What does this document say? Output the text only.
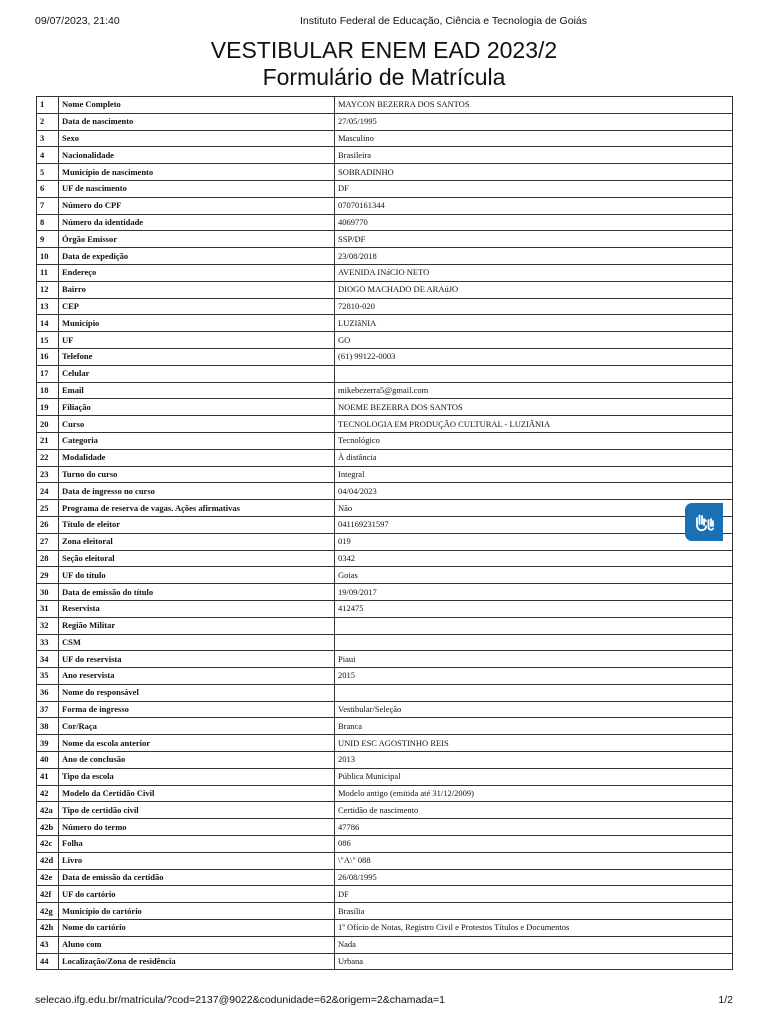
09/07/2023, 21:40	Instituto Federal de Educação, Ciência e Tecnologia de Goiás
VESTIBULAR ENEM EAD 2023/2
Formulário de Matrícula
1	Nome Completo	MAYCON BEZERRA DOS SANTOS
2	Data de nascimento	27/05/1995
3	Sexo	Masculino
4	Nacionalidade	Brasileira
5	Município de nascimento	SOBRADINHO
6	UF de nascimento	DF
7	Número do CPF	07070161344
8	Número da identidade	4069770
9	Órgão Emissor	SSP/DF
10	Data de expedição	23/08/2018
11	Endereço	AVENIDA INáCIO NETO
12	Bairro	DIOGO MACHADO DE ARAúJO
13	CEP	72810-020
14	Município	LUZIâNIA
15	UF	GO
16	Telefone	(61) 99122-0003
17	Celular	
18	Email	mikebezerra5@gmail.com
19	Filiação	NOEME BEZERRA DOS SANTOS
20	Curso	TECNOLOGIA EM PRODUÇÃO CULTURAL - LUZIÂNIA
21	Categoria	Tecnológico
22	Modalidade	À distância
23	Turno do curso	Integral
24	Data de ingresso no curso	04/04/2023
25	Programa de reserva de vagas. Ações afirmativas	Não
26	Título de eleitor	041169231597
27	Zona eleitoral	019
28	Seção eleitoral	0342
29	UF do título	Goias
30	Data de emissão do título	19/09/2017
31	Reservista	412475
32	Região Militar	
33	CSM	
34	UF do reservista	Piaui
35	Ano reservista	2015
36	Nome do responsável	
37	Forma de ingresso	Vestibular/Seleção
38	Cor/Raça	Branca
39	Nome da escola anterior	UNID ESC AGOSTINHO REIS
40	Ano de conclusão	2013
41	Tipo da escola	Pública Municipal
42	Modelo da Certidão Civil	Modelo antigo (emitida até 31/12/2009)
42a	Tipo de certidão civil	Certidão de nascimento
42b	Número do termo	47786
42c	Folha	086
42d	Livro	\"A\" 088
42e	Data de emissão da certidão	26/08/1995
42f	UF do cartório	DF
42g	Município do cartório	Brasília
42h	Nome do cartório	1º Ofício de Notas, Registro Civil e Protestos Títulos e Documentos
43	Aluno com	Nada
44	Localização/Zona de residência	Urbana
selecao.ifg.edu.br/matricula/?cod=2137@9022&codunidade=62&origem=2&chamada=1	1/2
